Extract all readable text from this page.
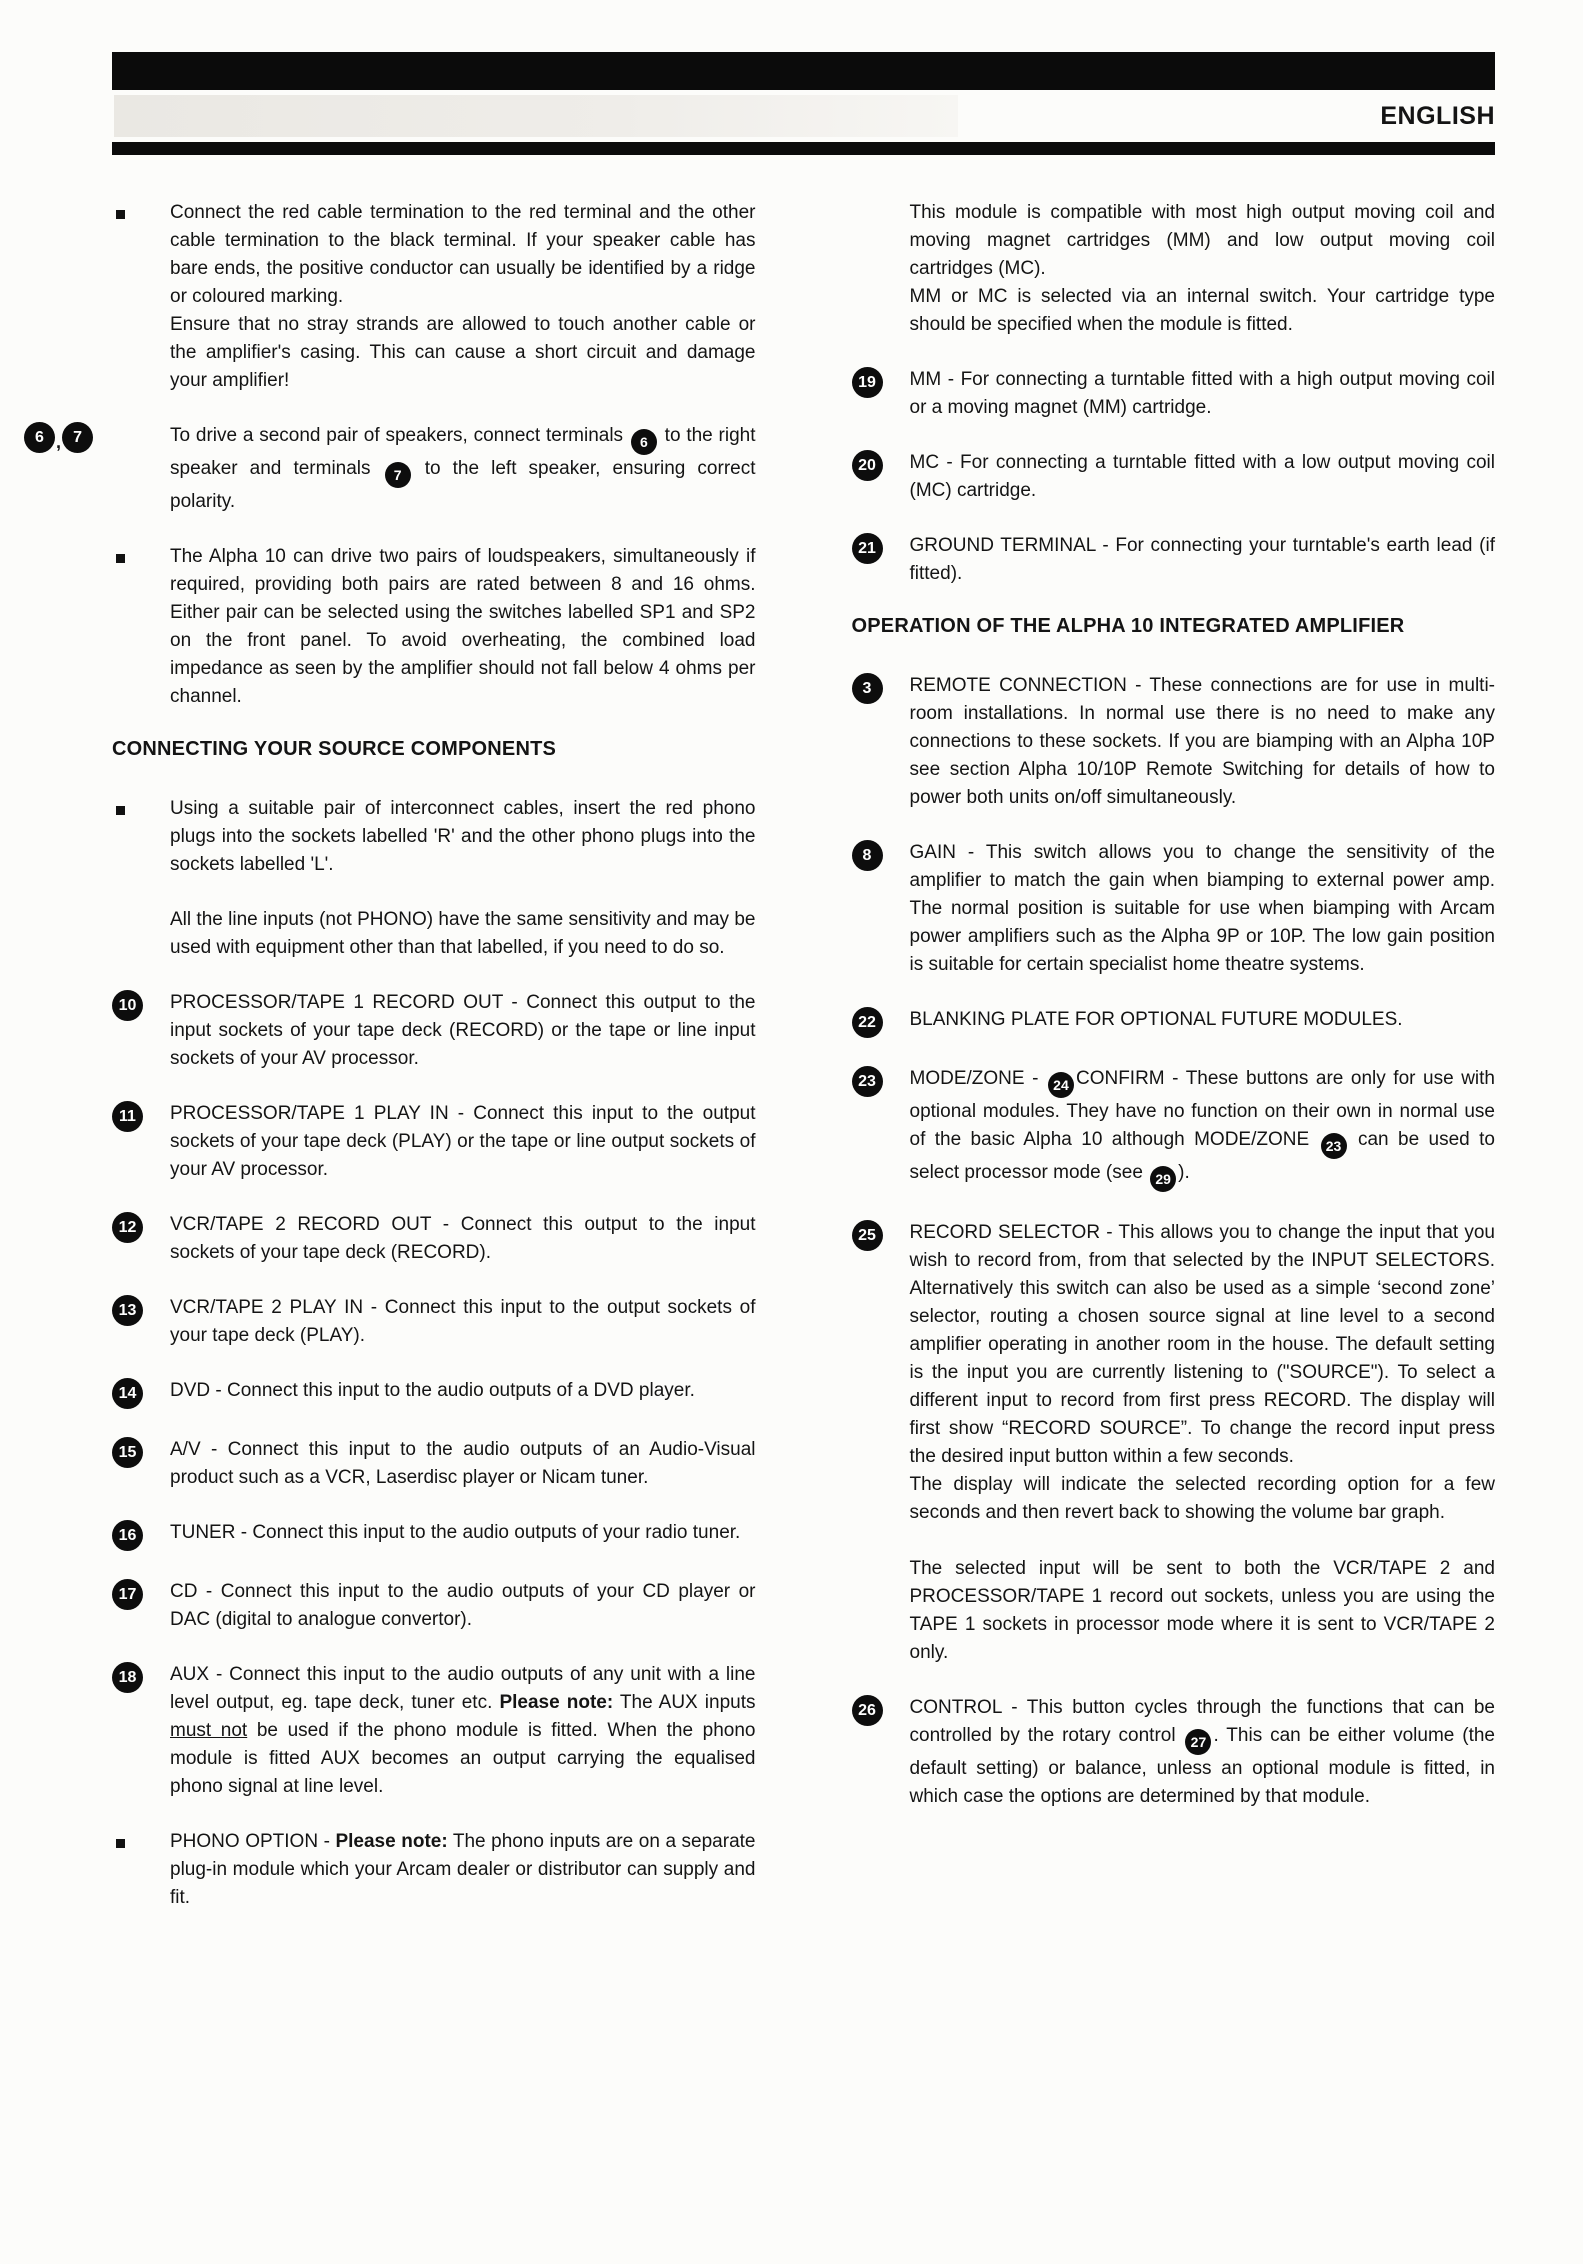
ENGLISH
Connect the red cable termination to the red terminal and the other cable termination to the black terminal. If your speaker cable has bare ends, the positive conductor can usually be identified by a ridge or coloured marking.
Ensure that no stray strands are allowed to touch another cable or the amplifier's casing. This can cause a short circuit and damage your amplifier!
6 , 7	To drive a second pair of speakers, connect terminals 6 to the right speaker and terminals 7 to the left speaker, ensuring correct polarity.
The Alpha 10 can drive two pairs of loudspeakers, simultaneously if required, providing both pairs are rated between 8 and 16 ohms. Either pair can be selected using the switches labelled SP1 and SP2 on the front panel. To avoid overheating, the combined load impedance as seen by the amplifier should not fall below 4 ohms per channel.
CONNECTING YOUR SOURCE COMPONENTS
Using a suitable pair of interconnect cables, insert the red phono plugs into the sockets labelled 'R' and the other phono plugs into the sockets labelled 'L'.
All the line inputs (not PHONO) have the same sensitivity and may be used with equipment other than that labelled, if you need to do so.
10	PROCESSOR/TAPE 1 RECORD OUT - Connect this output to the input sockets of your tape deck (RECORD) or the tape or line input sockets of your AV processor.
11	PROCESSOR/TAPE 1 PLAY IN - Connect this input to the output sockets of your tape deck (PLAY) or the tape or line output sockets of your AV processor.
12	VCR/TAPE 2 RECORD OUT - Connect this output to the input sockets of your tape deck (RECORD).
13	VCR/TAPE 2 PLAY IN - Connect this input to the output sockets of your tape deck (PLAY).
14	DVD - Connect this input to the audio outputs of a DVD player.
15	A/V - Connect this input to the audio outputs of an Audio-Visual product such as a VCR, Laserdisc player or Nicam tuner.
16	TUNER - Connect this input to the audio outputs of your radio tuner.
17	CD - Connect this input to the audio outputs of your CD player or DAC (digital to analogue convertor).
18	AUX - Connect this input to the audio outputs of any unit with a line level output, eg. tape deck, tuner etc. Please note: The AUX inputs must not be used if the phono module is fitted. When the phono module is fitted AUX becomes an output carrying the equalised phono signal at line level.
PHONO OPTION - Please note: The phono inputs are on a separate plug-in module which your Arcam dealer or distributor can supply and fit.
This module is compatible with most high output moving coil and moving magnet cartridges (MM) and low output moving coil cartridges (MC).
MM or MC is selected via an internal switch. Your cartridge type should be specified when the module is fitted.
19	MM - For connecting a turntable fitted with a high output moving coil or a moving magnet (MM) cartridge.
20	MC - For connecting a turntable fitted with a low output moving coil (MC) cartridge.
21	GROUND TERMINAL - For connecting your turntable's earth lead (if fitted).
OPERATION OF THE ALPHA 10 INTEGRATED AMPLIFIER
3	REMOTE CONNECTION - These connections are for use in multi-room installations. In normal use there is no need to make any connections to these sockets. If you are biamping with an Alpha 10P see section Alpha 10/10P Remote Switching for details of how to power both units on/off simultaneously.
8	GAIN - This switch allows you to change the sensitivity of the amplifier to match the gain when biamping to external power amp. The normal position is suitable for use when biamping with Arcam power amplifiers such as the Alpha 9P or 10P. The low gain position is suitable for certain specialist home theatre systems.
22	BLANKING PLATE FOR OPTIONAL FUTURE MODULES.
23	MODE/ZONE - 24 CONFIRM - These buttons are only for use with optional modules. They have no function on their own in normal use of the basic Alpha 10 although MODE/ZONE 23 can be used to select processor mode (see 29 ).
25	RECORD SELECTOR - This allows you to change the input that you wish to record from, from that selected by the INPUT SELECTORS. Alternatively this switch can also be used as a simple ‘second zone’ selector, routing a chosen source signal at line level to a second amplifier operating in another room in the house. The default setting is the input you are currently listening to ("SOURCE"). To select a different input to record from first press RECORD. The display will first show “RECORD SOURCE”. To change the record input press the desired input button within a few seconds.
The display will indicate the selected recording option for a few seconds and then revert back to showing the volume bar graph.

The selected input will be sent to both the VCR/TAPE 2 and PROCESSOR/TAPE 1 record out sockets, unless you are using the TAPE 1 sockets in processor mode where it is sent to VCR/TAPE 2 only.
26	CONTROL - This button cycles through the functions that can be controlled by the rotary control 27 . This can be either volume (the default setting) or balance, unless an optional module is fitted, in which case the options are determined by that module.
